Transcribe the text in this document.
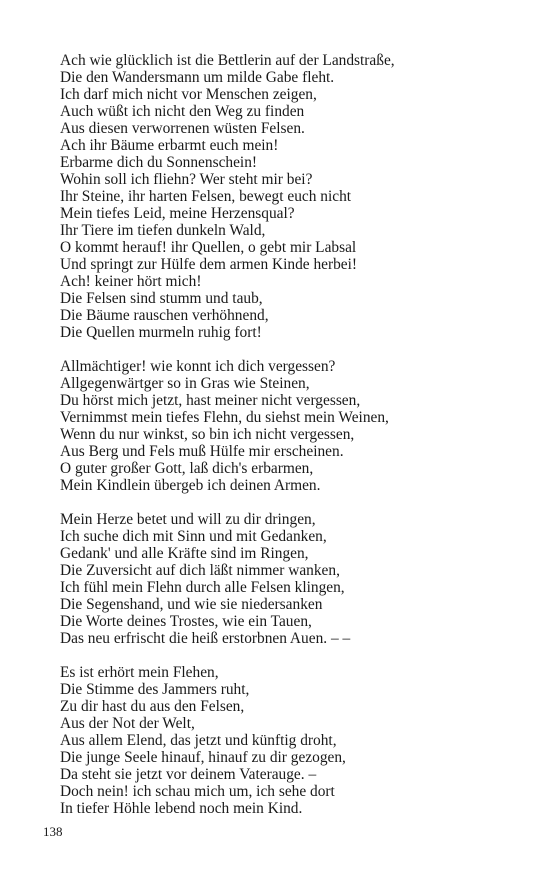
Ach wie glücklich ist die Bettlerin auf der Landstraße,
Die den Wandersmann um milde Gabe fleht.
Ich darf mich nicht vor Menschen zeigen,
Auch wüßt ich nicht den Weg zu finden
Aus diesen verworrenen wüsten Felsen.
Ach ihr Bäume erbarmt euch mein!
Erbarme dich du Sonnenschein!
Wohin soll ich fliehn? Wer steht mir bei?
Ihr Steine, ihr harten Felsen, bewegt euch nicht
Mein tiefes Leid, meine Herzensqual?
Ihr Tiere im tiefen dunkeln Wald,
O kommt herauf! ihr Quellen, o gebt mir Labsal
Und springt zur Hülfe dem armen Kinde herbei!
Ach! keiner hört mich!
Die Felsen sind stumm und taub,
Die Bäume rauschen verhöhnend,
Die Quellen murmeln ruhig fort!
Allmächtiger! wie konnt ich dich vergessen?
Allgegenwärtger so in Gras wie Steinen,
Du hörst mich jetzt, hast meiner nicht vergessen,
Vernimmst mein tiefes Flehn, du siehst mein Weinen,
Wenn du nur winkst, so bin ich nicht vergessen,
Aus Berg und Fels muß Hülfe mir erscheinen.
O guter großer Gott, laß dich's erbarmen,
Mein Kindlein übergeb ich deinen Armen.
Mein Herze betet und will zu dir dringen,
Ich suche dich mit Sinn und mit Gedanken,
Gedank' und alle Kräfte sind im Ringen,
Die Zuversicht auf dich läßt nimmer wanken,
Ich fühl mein Flehn durch alle Felsen klingen,
Die Segenshand, und wie sie niedersanken
Die Worte deines Trostes, wie ein Tauen,
Das neu erfrischt die heiß erstorbnen Auen. – –
Es ist erhört mein Flehen,
Die Stimme des Jammers ruht,
Zu dir hast du aus den Felsen,
Aus der Not der Welt,
Aus allem Elend, das jetzt und künftig droht,
Die junge Seele hinauf, hinauf zu dir gezogen,
Da steht sie jetzt vor deinem Vaterauge. –
Doch nein! ich schau mich um, ich sehe dort
In tiefer Höhle lebend noch mein Kind.
138
